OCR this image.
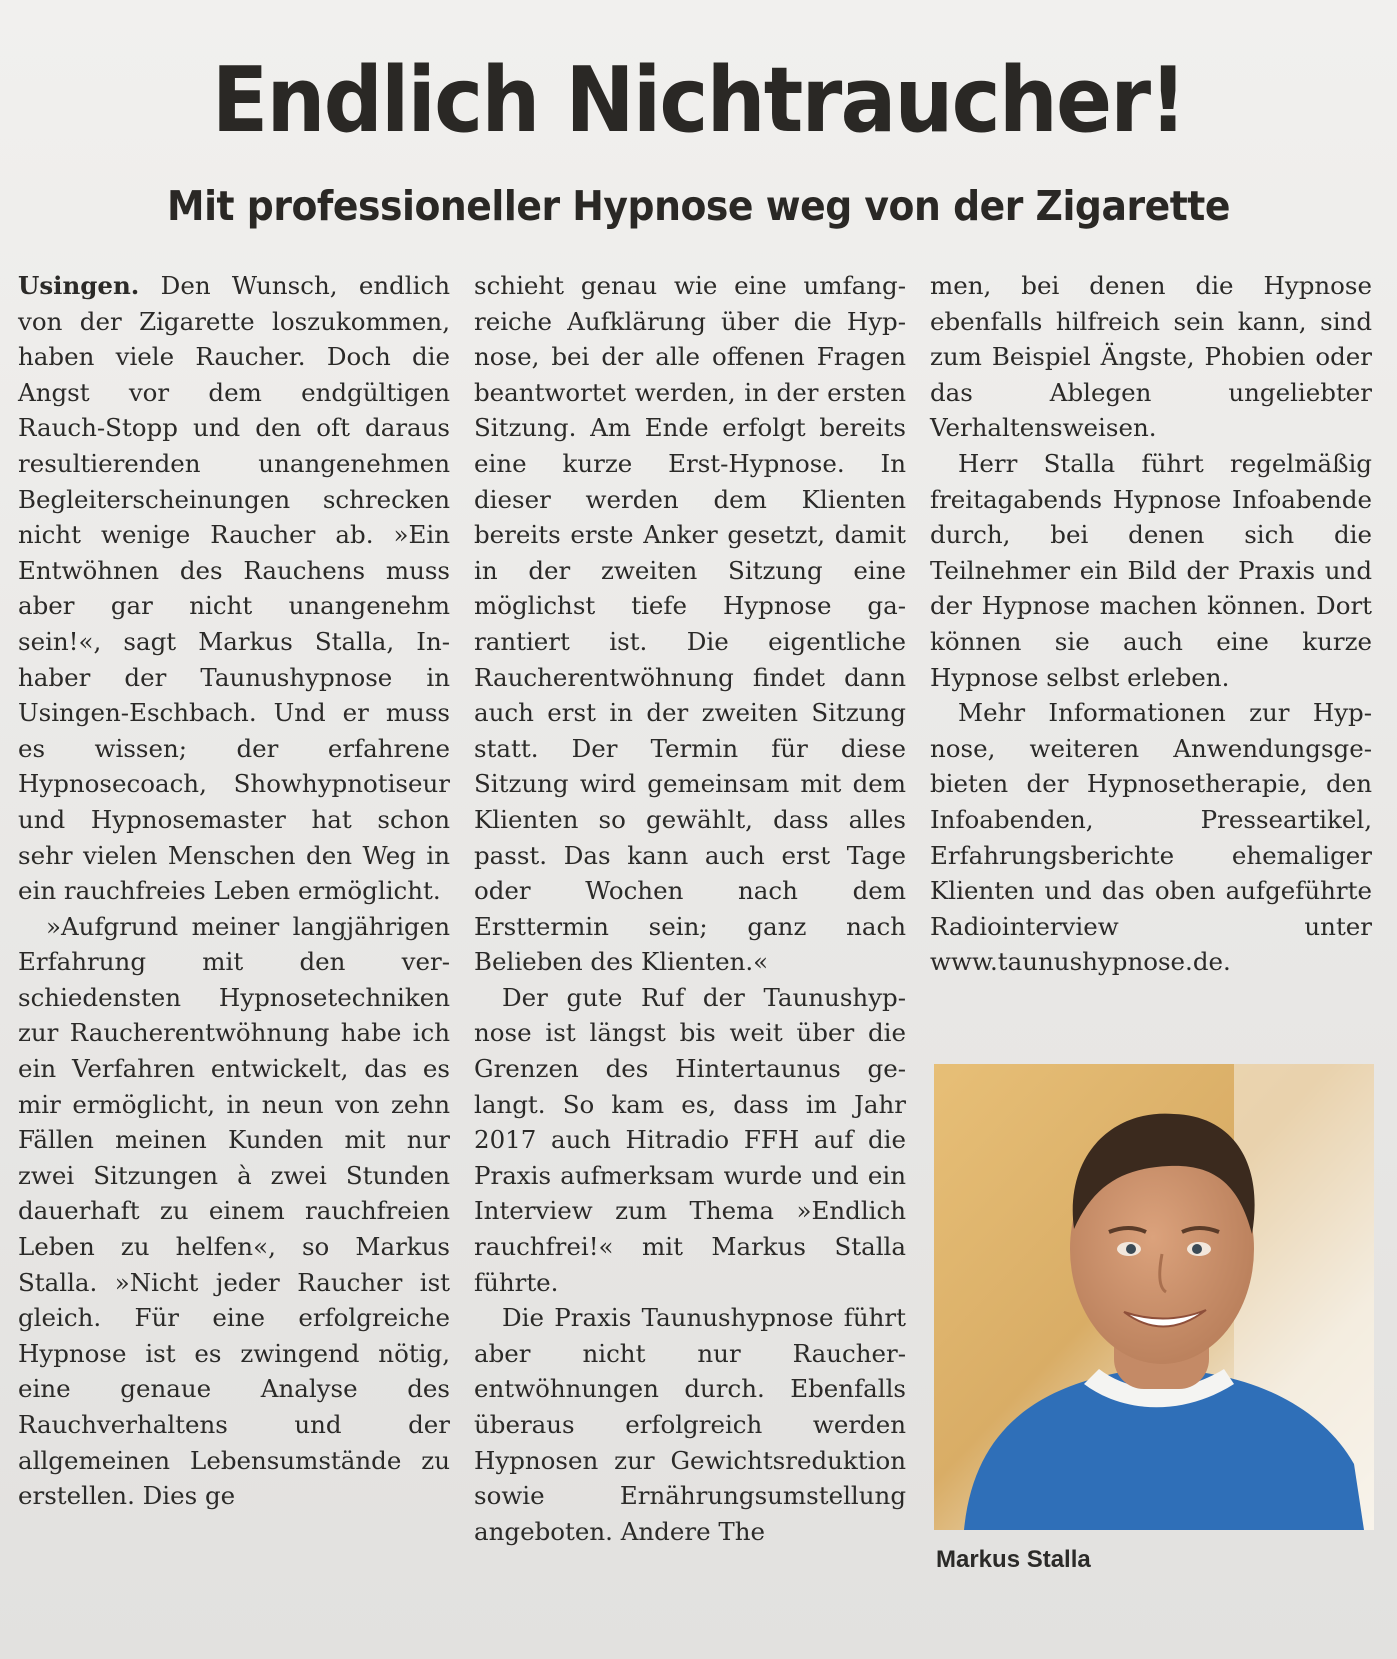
Endlich Nichtraucher!
Mit professioneller Hypnose weg von der Zigarette

Usingen. Den Wunsch, endlich von der Zigarette loszukommen, haben viele Raucher. Doch die Angst vor dem endgültigen Rauch-Stopp und den oft daraus resultierenden unangenehmen Begleiterscheinungen schrecken nicht wenige Raucher ab. »Ein Entwöhnen des Rauchens muss aber gar nicht unangenehm sein!«, sagt Markus Stalla, Inhaber der Taunushypnose in Usingen-Eschbach. Und er muss es wissen; der erfahrene Hypnosecoach, Showhypnotiseur und Hypnosemaster hat schon sehr vielen Menschen den Weg in ein rauchfreies Leben ermöglicht.

»Aufgrund meiner langjährigen Erfahrung mit den verschiedensten Hypnosetechniken zur Raucherentwöhnung habe ich ein Verfahren entwickelt, das es mir ermöglicht, in neun von zehn Fällen meinen Kunden mit nur zwei Sitzungen à zwei Stunden dauerhaft zu einem rauchfreien Leben zu helfen«, so Markus Stalla. »Nicht jeder Raucher ist gleich. Für eine erfolgreiche Hypnose ist es zwingend nötig, eine genaue Analyse des Rauchverhaltens und der allgemeinen Lebensumstände zu erstellen. Dies ge

schieht genau wie eine umfangreiche Aufklärung über die Hypnose, bei der alle offenen Fragen beantwortet werden, in der ersten Sitzung. Am Ende erfolgt bereits eine kurze Erst-Hypnose. In dieser werden dem Klienten bereits erste Anker gesetzt, damit in der zweiten Sitzung eine möglichst tiefe Hypnose garantiert ist. Die eigentliche Raucherentwöhnung findet dann auch erst in der zweiten Sitzung statt. Der Termin für diese Sitzung wird gemeinsam mit dem Klienten so gewählt, dass alles passt. Das kann auch erst Tage oder Wochen nach dem Ersttermin sein; ganz nach Belieben des Klienten.«

Der gute Ruf der Taunushypnose ist längst bis weit über die Grenzen des Hintertaunus gelangt. So kam es, dass im Jahr 2017 auch Hitradio FFH auf die Praxis aufmerksam wurde und ein Interview zum Thema »Endlich rauchfrei!« mit Markus Stalla führte.

Die Praxis Taunushypnose führt aber nicht nur Raucherentwöhnungen durch. Ebenfalls überaus erfolgreich werden Hypnosen zur Gewichtsreduktion sowie Ernährungsumstellung angeboten. Andere The

men, bei denen die Hypnose ebenfalls hilfreich sein kann, sind zum Beispiel Ängste, Phobien oder das Ablegen ungeliebter Verhaltensweisen.

Herr Stalla führt regelmäßig freitagabends Hypnose Infoabende durch, bei denen sich die Teilnehmer ein Bild der Praxis und der Hypnose machen können. Dort können sie auch eine kurze Hypnose selbst erleben.

Mehr Informationen zur Hypnose, weiteren Anwendungsgebieten der Hypnosetherapie, den Infoabenden, Presseartikel, Erfahrungsberichte ehemaliger Klienten und das oben aufgeführte Radiointerview unter www.taunushypnose.de.

Markus Stalla
